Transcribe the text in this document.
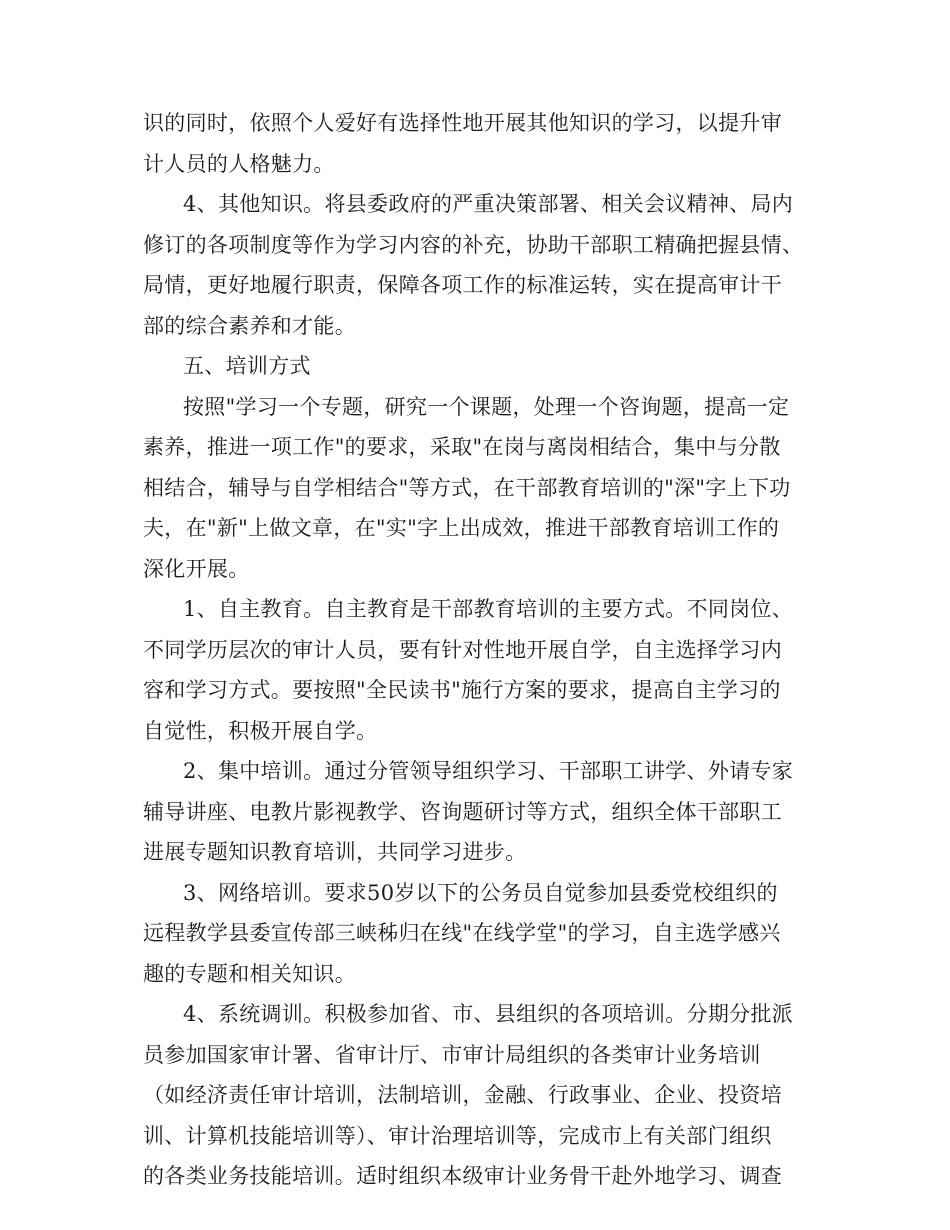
识的同时，依照个人爱好有选择性地开展其他知识的学习，以提升审
计人员的人格魅力。
4、其他知识。将县委政府的严重决策部署、相关会议精神、局内
修订的各项制度等作为学习内容的补充，协助干部职工精确把握县情、
局情，更好地履行职责，保障各项工作的标准运转，实在提高审计干
部的综合素养和才能。
五、培训方式
按照"学习一个专题，研究一个课题，处理一个咨询题，提高一定
素养，推进一项工作"的要求，采取"在岗与离岗相结合，集中与分散
相结合，辅导与自学相结合"等方式，在干部教育培训的"深"字上下功
夫，在"新"上做文章，在"实"字上出成效，推进干部教育培训工作的
深化开展。
1、自主教育。自主教育是干部教育培训的主要方式。不同岗位、
不同学历层次的审计人员，要有针对性地开展自学，自主选择学习内
容和学习方式。要按照"全民读书"施行方案的要求，提高自主学习的
自觉性，积极开展自学。
2、集中培训。通过分管领导组织学习、干部职工讲学、外请专家
辅导讲座、电教片影视教学、咨询题研讨等方式，组织全体干部职工
进展专题知识教育培训，共同学习进步。
3、网络培训。要求50岁以下的公务员自觉参加县委党校组织的
远程教学县委宣传部三峡秭归在线"在线学堂"的学习，自主选学感兴
趣的专题和相关知识。
4、系统调训。积极参加省、市、县组织的各项培训。分期分批派
员参加国家审计署、省审计厅、市审计局组织的各类审计业务培训
（如经济责任审计培训，法制培训，金融、行政事业、企业、投资培
训、计算机技能培训等）、审计治理培训等，完成市上有关部门组织
的各类业务技能培训。适时组织本级审计业务骨干赴外地学习、调查
